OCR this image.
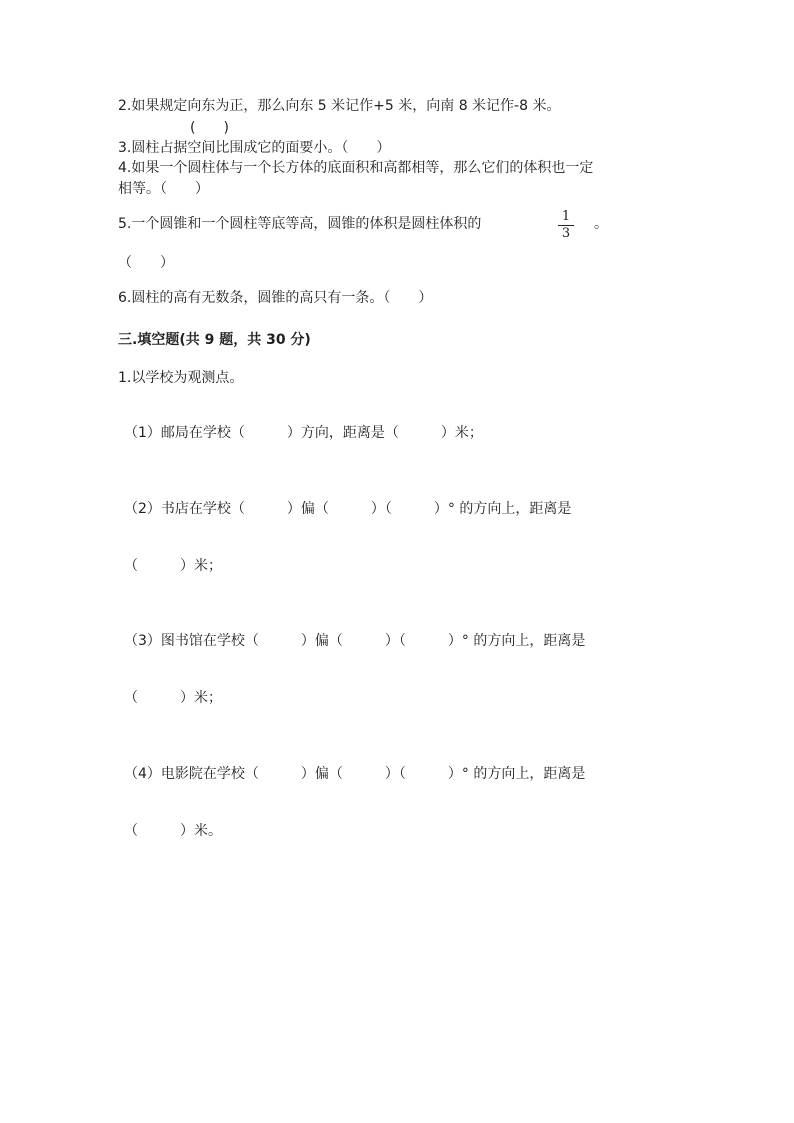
2.如果规定向东为正，那么向东 5 米记作+5 米，向南 8 米记作-8 米。
(　　)
3.圆柱占据空间比围成它的面要小。（　　）
4.如果一个圆柱体与一个长方体的底面积和高都相等，那么它们的体积也一定
相等。（　　）
5.一个圆锥和一个圆柱等底等高，圆锥的体积是圆柱体积的	1
3
。
（　　）
6.圆柱的高有无数条，圆锥的高只有一条。（　　）
三.填空题(共 9 题，共 30 分)
1.以学校为观测点。
（1）邮局在学校（　　　）方向，距离是（　　　）米；
（2）书店在学校（　　　）偏（　　　）（　　　）° 的方向上，距离是
（　　　）米；
（3）图书馆在学校（　　　）偏（　　　）（　　　）° 的方向上，距离是
（　　　）米；
（4）电影院在学校（　　　）偏（　　　）（　　　）° 的方向上，距离是
（　　　）米。
